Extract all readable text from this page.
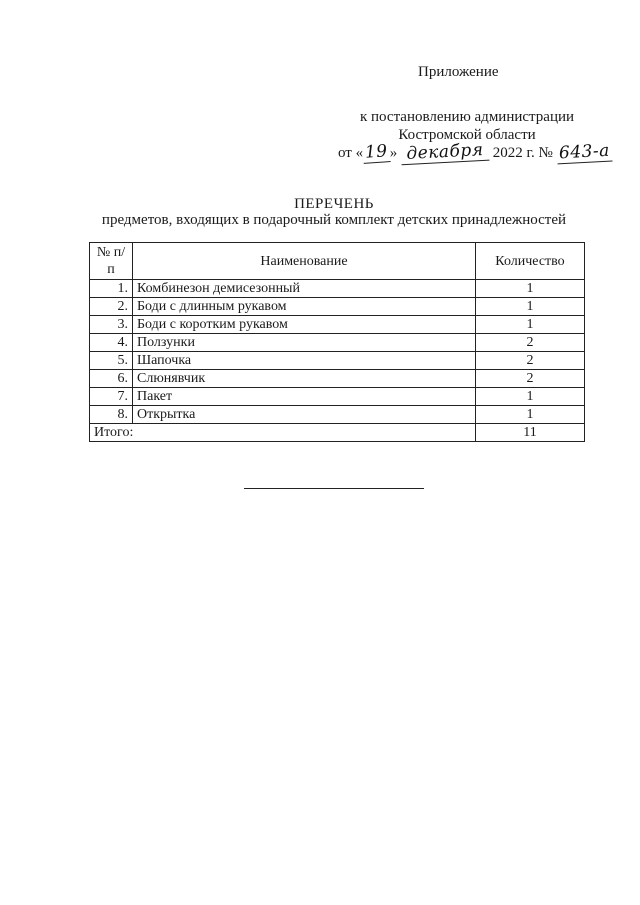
Приложение
к постановлению администрации Костромской области
от «19» декабря 2022 г. № 643-а
ПЕРЕЧЕНЬ
предметов, входящих в подарочный комплект детских принадлежностей
№ п/п	Наименование	Количество
1.	Комбинезон демисезонный	1
2.	Боди с длинным рукавом	1
3.	Боди с коротким рукавом	1
4.	Ползунки	2
5.	Шапочка	2
6.	Слюнявчик	2
7.	Пакет	1
8.	Открытка	1
Итого:		11
